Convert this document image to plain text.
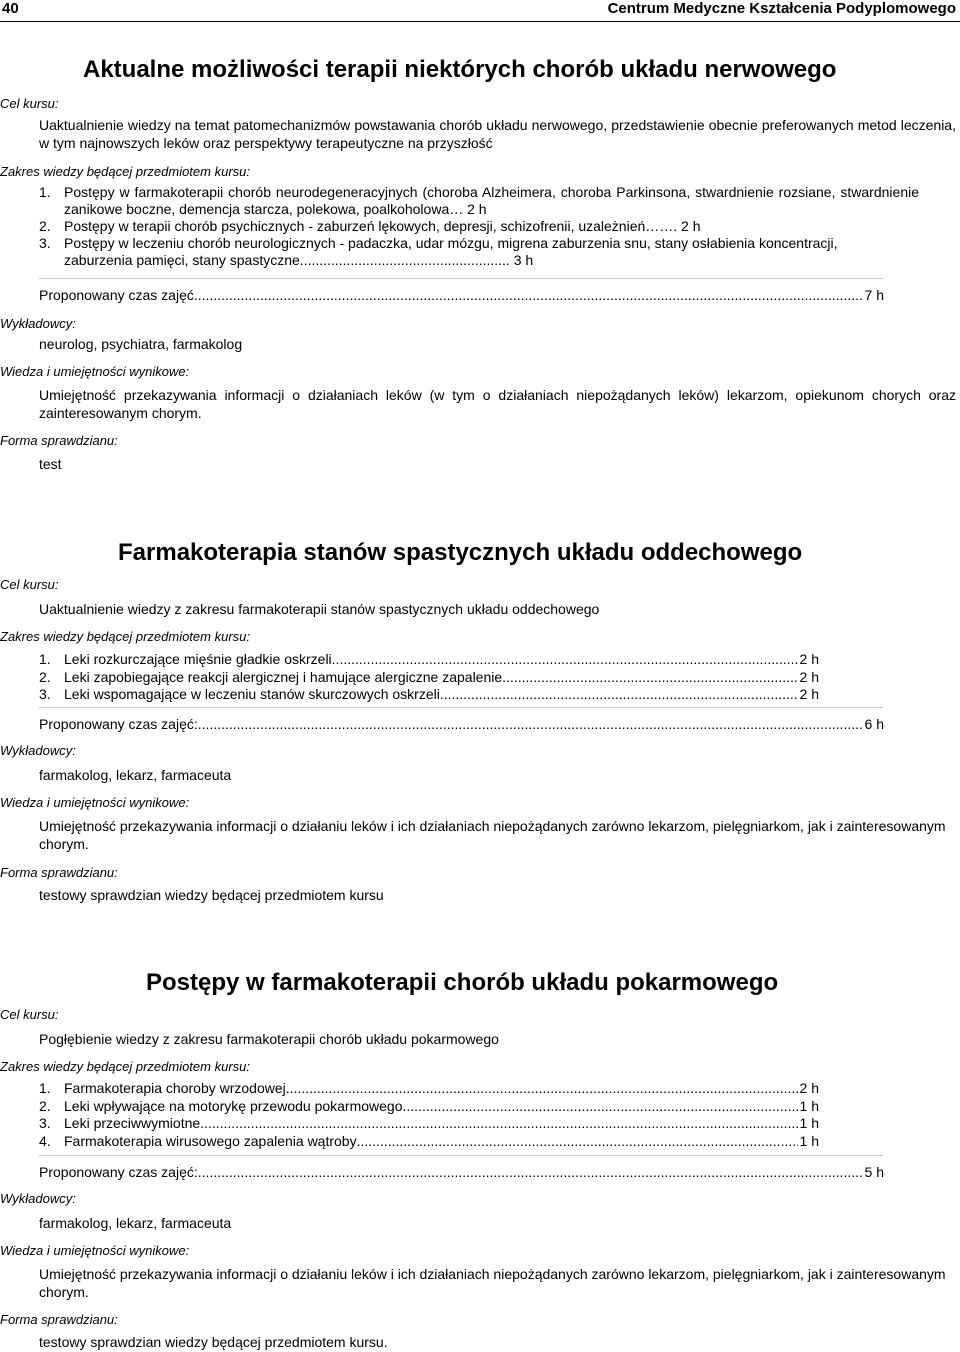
40	Centrum Medyczne Kształcenia Podyplomowego
Aktualne możliwości terapii niektórych chorób układu nerwowego
Cel kursu:
Uaktualnienie wiedzy na temat patomechanizmów powstawania chorób układu nerwowego, przedstawienie obecnie preferowanych metod leczenia, w tym najnowszych leków oraz perspektywy terapeutyczne na przyszłość
Zakres wiedzy będącej przedmiotem kursu:
1. Postępy w farmakoterapii chorób neurodegeneracyjnych (choroba Alzheimera, choroba Parkinsona, stwardnienie rozsiane, stwardnienie zanikowe boczne, demencja starcza, polekowa, poalkoholowa… 2 h
2. Postępy w terapii chorób psychicznych - zaburzeń lękowych, depresji, schizofrenii, uzależnień……. 2 h
3. Postępy w leczeniu chorób neurologicznych - padaczka, udar mózgu, migrena zaburzenia snu, stany osłabienia koncentracji, zaburzenia pamięci, stany spastyczne...................................................... 3 h
Proponowany czas zajęć .....	7 h
Wykładowcy:
neurolog, psychiatra, farmakolog
Wiedza i umiejętności wynikowe:
Umiejętność przekazywania informacji o działaniach leków (w tym o działaniach niepożądanych leków) lekarzom, opiekunom chorych oraz zainteresowanym chorym.
Forma sprawdzianu:
test
Farmakoterapia stanów spastycznych układu oddechowego
Cel kursu:
Uaktualnienie wiedzy z zakresu farmakoterapii stanów spastycznych układu oddechowego
Zakres wiedzy będącej przedmiotem kursu:
1. Leki rozkurczające mięśnie gładkie oskrzeli .....	2 h
2. Leki zapobiegające reakcji alergicznej i hamujące alergiczne zapalenie .....	2 h
3. Leki wspomagające w leczeniu stanów skurczowych oskrzeli .....	2 h
Proponowany czas zajęć: .....	6 h
Wykładowcy:
farmakolog, lekarz, farmaceuta
Wiedza i umiejętności wynikowe:
Umiejętność przekazywania informacji o działaniu leków i ich działaniach niepożądanych zarówno lekarzom, pielęgniarkom, jak i zainteresowanym chorym.
Forma sprawdzianu:
testowy sprawdzian wiedzy będącej przedmiotem kursu
Postępy w farmakoterapii chorób układu pokarmowego
Cel kursu:
Pogłębienie wiedzy z zakresu farmakoterapii chorób układu pokarmowego
Zakres wiedzy będącej przedmiotem kursu:
1. Farmakoterapia choroby wrzodowej .....	2 h
2. Leki wpływające na motorykę przewodu pokarmowego .....	1 h
3. Leki przeciwwymiotne .....	1 h
4. Farmakoterapia wirusowego zapalenia wątroby .....	1 h
Proponowany czas zajęć: .....	5 h
Wykładowcy:
farmakolog, lekarz, farmaceuta
Wiedza i umiejętności wynikowe:
Umiejętność przekazywania informacji o działaniu leków i ich działaniach niepożądanych zarówno lekarzom, pielęgniarkom, jak i zainteresowanym chorym.
Forma sprawdzianu:
testowy sprawdzian wiedzy będącej przedmiotem kursu.
